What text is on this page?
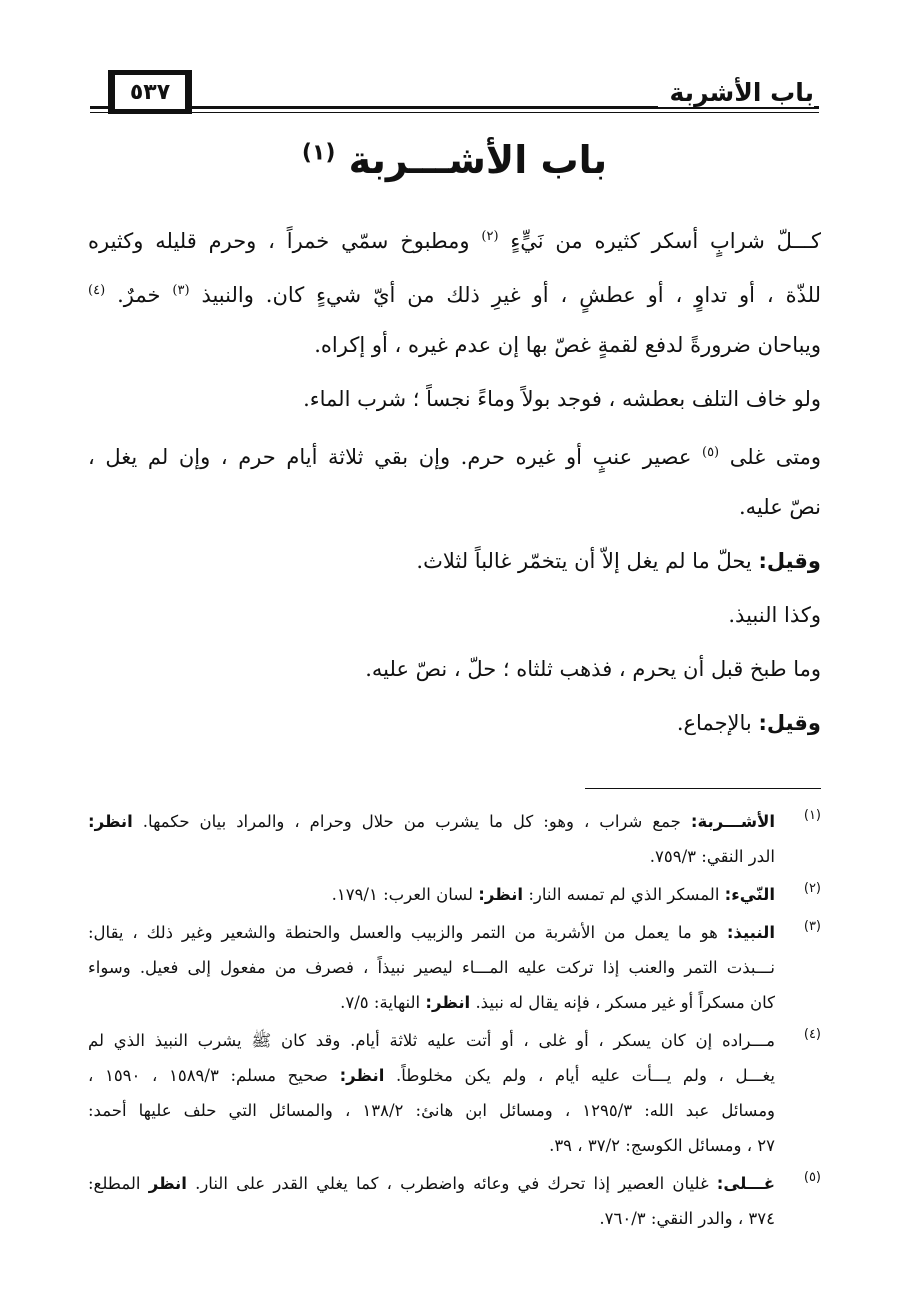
٥٣٧	باب الأشربة
باب الأشـــربة $^{(١)}$
كـــلّ شرابٍ أسكر كثيره من نَيٍّءٍ $^{(٢)}$ ومطبوخ سمّي خمراً ، وحرم قليله وكثيره
للذّة ، أو تداوٍ ، أو عطشٍ ، أو غيرِ ذلك من أيّ شيءٍ كان. والنبيذ $^{(٣)}$ خمرٌ. $^{(٤)}$
ويباحان ضرورةً لدفع لقمةٍ غصّ بها إن عدم غيره ، أو إكراه.
ولو خاف التلف بعطشه ، فوجد بولاً وماءً نجساً ؛ شرب الماء.
ومتى غلى $^{(٥)}$ عصير عنبٍ أو غيره حرم. وإن بقي ثلاثة أيام حرم ، وإن لم يغل ،
نصّ عليه.
وقيل: يحلّ ما لم يغل إلاّ أن يتخمّر غالباً لثلاث.
وكذا النبيذ.
وما طبخ قبل أن يحرم ، فذهب ثلثاه ؛ حلّ ، نصّ عليه.
وقيل: بالإجماع.
(١)
الأشـــربة: جمع شراب ، وهو: كل ما يشرب من حلال وحرام ، والمراد بيان حكمها. انظر:
الدر النقي: ٧٥٩/٣.
(٢)
النّيء: المسكر الذي لم تمسه النار: انظر: لسان العرب: ١٧٩/١.
(٣)
النبيذ: هو ما يعمل من الأشربة من التمر والزبيب والعسل والحنطة والشعير وغير ذلك ، يقال:
نـــبذت التمر والعنب إذا تركت عليه المـــاء ليصير نبيذاً ، فصرف من مفعول إلى فعيل. وسواء
كان مسكراً أو غير مسكر ، فإنه يقال له نبيذ. انظر: النهاية: ٧/٥.
(٤)
مـــراده إن كان يسكر ، أو غلى ، أو أتت عليه ثلاثة أيام. وقد كان ﷺ يشرب النبيذ الذي لم
يغـــل ، ولم يـــأت عليه أيام ، ولم يكن مخلوطاً. انظر: صحيح مسلم: ١٥٨٩/٣ ، ١٥٩٠ ،
ومسائل عبد الله: ١٢٩٥/٣ ، ومسائل ابن هانئ: ١٣٨/٢ ، والمسائل التي حلف عليها أحمد:
٢٧ ، ومسائل الكوسج: ٣٧/٢ ، ٣٩.
(٥)
غـــلى: غليان العصير إذا تحرك في وعائه واضطرب ، كما يغلي القدر على النار. انظر المطلع:
٣٧٤ ، والدر النقي: ٧٦٠/٣.
